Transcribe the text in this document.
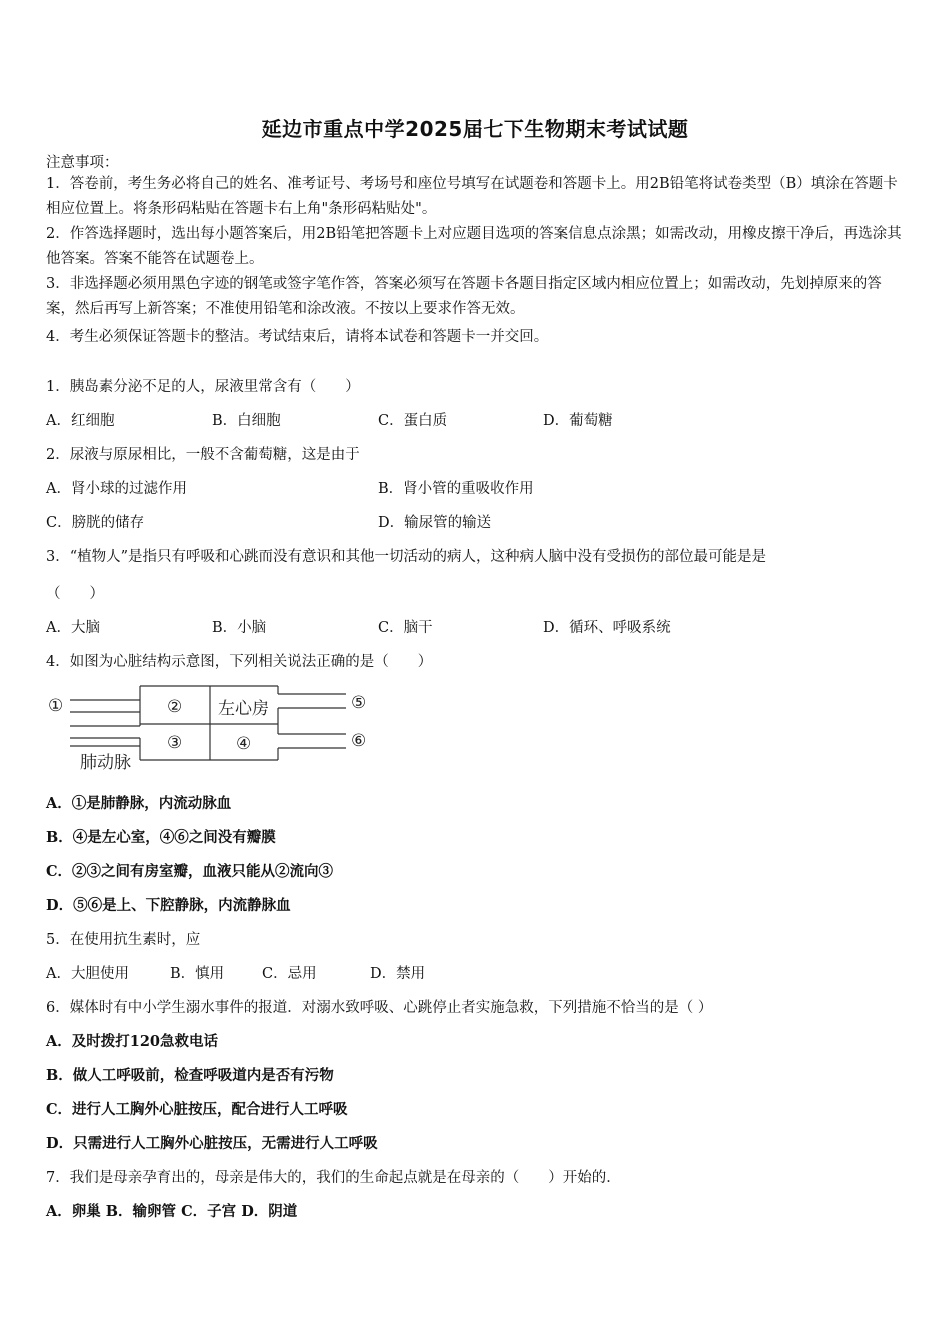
延边市重点中学2025届七下生物期末考试试题
注意事项：
1．答卷前，考生务必将自己的姓名、准考证号、考场号和座位号填写在试题卷和答题卡上。用2B铅笔将试卷类型（B）填涂在答题卡相应位置上。将条形码粘贴在答题卡右上角"条形码粘贴处"。
2．作答选择题时，选出每小题答案后，用2B铅笔把答题卡上对应题目选项的答案信息点涂黑；如需改动，用橡皮擦干净后，再选涂其他答案。答案不能答在试题卷上。
3．非选择题必须用黑色字迹的钢笔或签字笔作答，答案必须写在答题卡各题目指定区域内相应位置上；如需改动，先划掉原来的答案，然后再写上新答案；不准使用铅笔和涂改液。不按以上要求作答无效。
4．考生必须保证答题卡的整洁。考试结束后，请将本试卷和答题卡一并交回。
1．胰岛素分泌不足的人，尿液里常含有（　　）
A．红细胞	B．白细胞	C．蛋白质	D．葡萄糖
2．尿液与原尿相比，一般不含葡萄糖，这是由于
A．肾小球的过滤作用	B．肾小管的重吸收作用
C．膀胱的储存	D．输尿管的输送
3．“植物人”是指只有呼吸和心跳而没有意识和其他一切活动的病人，这种病人脑中没有受损伤的部位最可能是是
（　　）
A．大脑	B．小脑	C．脑干	D．循环、呼吸系统
4．如图为心脏结构示意图，下列相关说法正确的是（　　）
①	②
③	④
⑤
⑥
左心房
肺动脉
A．①是肺静脉，内流动脉血
B．④是左心室，④⑥之间没有瓣膜
C．②③之间有房室瓣，血液只能从②流向③
D．⑤⑥是上、下腔静脉，内流静脉血
5．在使用抗生素时，应
A．大胆使用	B．慎用	C．忌用	D．禁用
6．媒体时有中小学生溺水事件的报道．对溺水致呼吸、心跳停止者实施急救，下列措施不恰当的是（ ）
A．及时拨打120急救电话
B．做人工呼吸前，检查呼吸道内是否有污物
C．进行人工胸外心脏按压，配合进行人工呼吸
D．只需进行人工胸外心脏按压，无需进行人工呼吸
7．我们是母亲孕育出的，母亲是伟大的，我们的生命起点就是在母亲的（　　）开始的．
A．卵巢 B．输卵管 C．子宫 D．阴道
